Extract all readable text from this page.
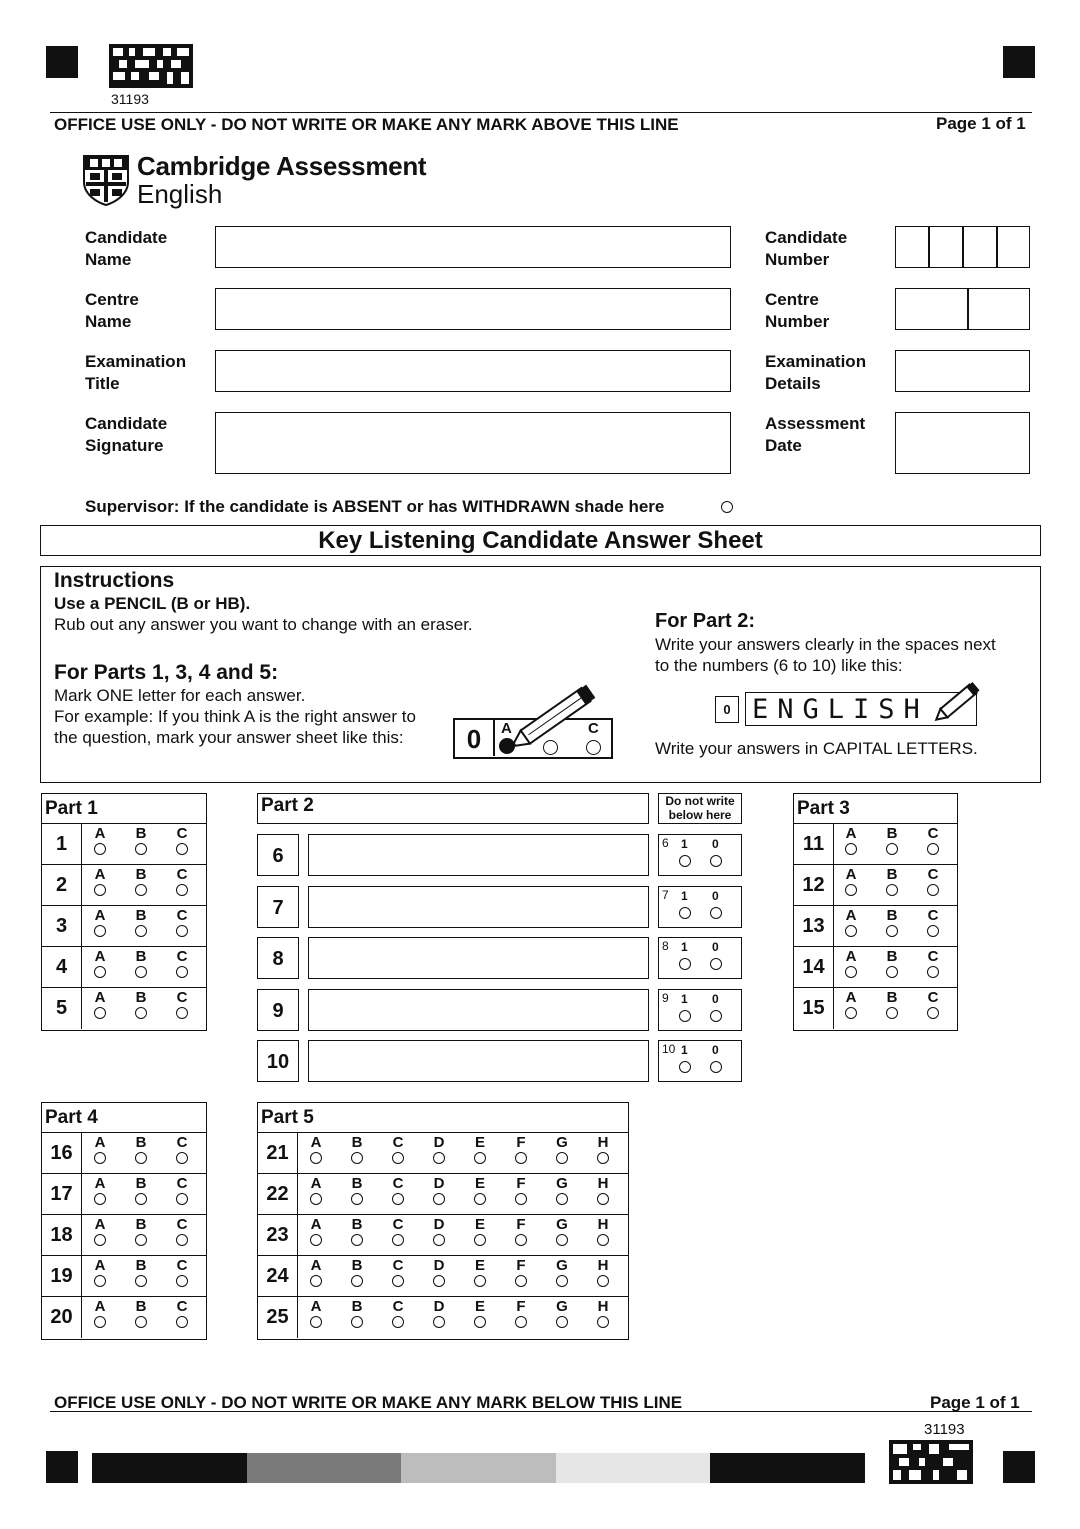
31193
OFFICE USE ONLY - DO NOT WRITE OR MAKE ANY MARK ABOVE THIS LINE	Page 1 of 1
Cambridge Assessment
English
Candidate
Name
Centre
Name
Examination
Title
Candidate
Signature
Candidate
Number
Centre
Number
Examination
Details
Assessment
Date
Supervisor: If the candidate is ABSENT or has WITHDRAWN shade here
Key Listening Candidate Answer Sheet
Instructions
Use a PENCIL (B or HB).
Rub out any answer you want to change with an eraser.
For Parts 1, 3, 4 and 5:
Mark ONE letter for each answer.
For example: If you think A is the right answer to
the question, mark your answer sheet like this:	0	A	C
For Part 2:
Write your answers clearly in the spaces next
to the numbers (6 to 10) like this:
0 ENGLISH
Write your answers in CAPITAL LETTERS.
Part 1
1	A	B	C
2	A	B	C
3	A	B	C
4	A	B	C
5	A	B	C
Part 2	Do not write
below here
6
6 1 0
7
7 1 0
8
8 1 0
9
9 1 0
10
10 1 0
Part 3
11	A	B	C
12	A	B	C
13	A	B	C
14	A	B	C
15	A	B	C
Part 4
16	A	B	C
17	A	B	C
18	A	B	C
19	A	B	C
20	A	B	C
Part 5
21	A	B	C	D	E	F	G	H
22	A	B	C	D	E	F	G	H
23	A	B	C	D	E	F	G	H
24	A	B	C	D	E	F	G	H
25	A	B	C	D	E	F	G	H
OFFICE USE ONLY - DO NOT WRITE OR MAKE ANY MARK BELOW THIS LINE	Page 1 of 1
31193
